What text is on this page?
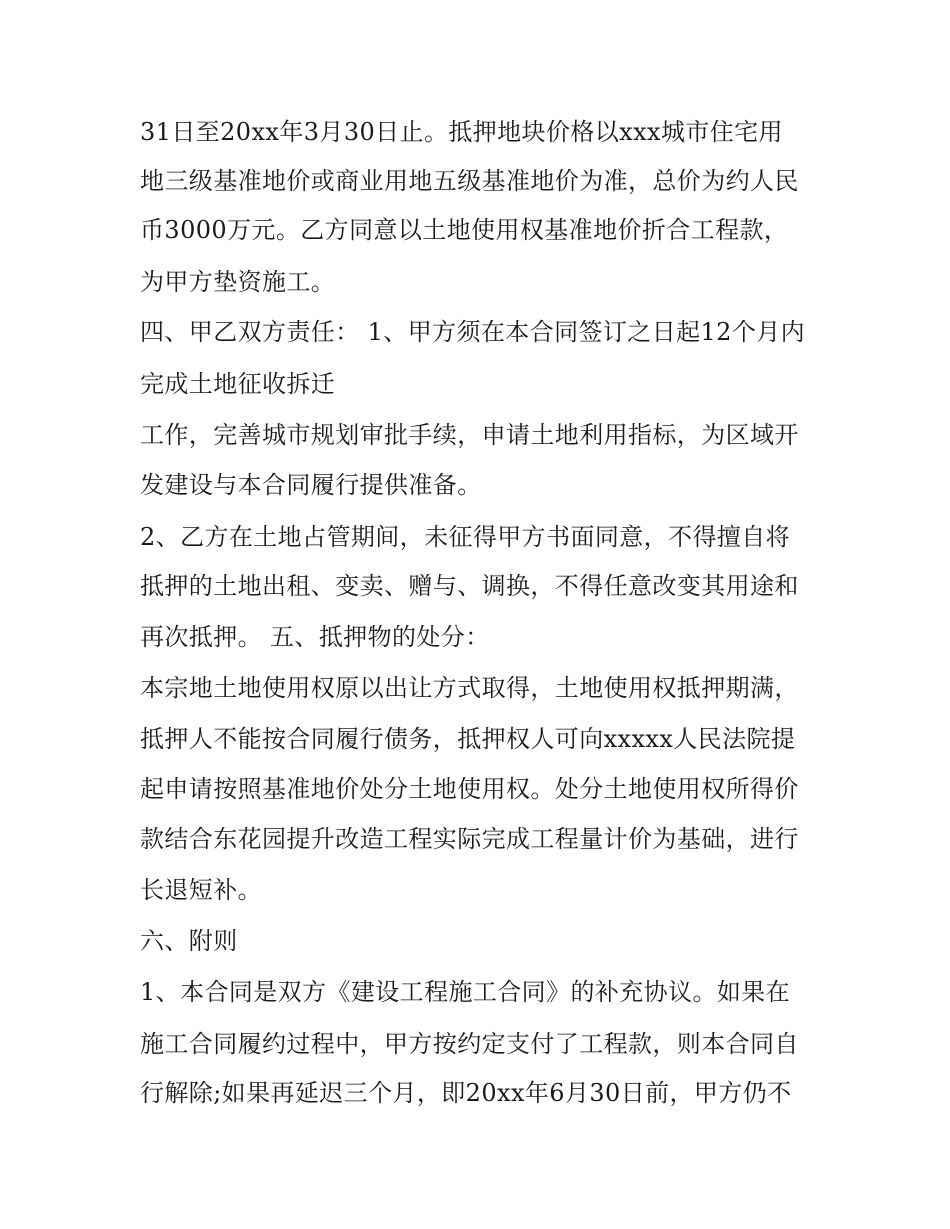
31日至20xx年3月30日止。抵押地块价格以xxx城市住宅用
地三级基准地价或商业用地五级基准地价为准，总价为约人民
币3000万元。乙方同意以土地使用权基准地价折合工程款，
为甲方垫资施工。
四、甲乙双方责任： 1、甲方须在本合同签订之日起12个月内
完成土地征收拆迁
工作，完善城市规划审批手续，申请土地利用指标，为区域开
发建设与本合同履行提供准备。
2、乙方在土地占管期间，未征得甲方书面同意，不得擅自将
抵押的土地出租、变卖、赠与、调换，不得任意改变其用途和
再次抵押。 五、抵押物的处分：
本宗地土地使用权原以出让方式取得，土地使用权抵押期满，
抵押人不能按合同履行债务，抵押权人可向xxxxx人民法院提
起申请按照基准地价处分土地使用权。处分土地使用权所得价
款结合东花园提升改造工程实际完成工程量计价为基础，进行
长退短补。
六、附则
1、本合同是双方《建设工程施工合同》的补充协议。如果在
施工合同履约过程中，甲方按约定支付了工程款，则本合同自
行解除;如果再延迟三个月，即20xx年6月30日前，甲方仍不
